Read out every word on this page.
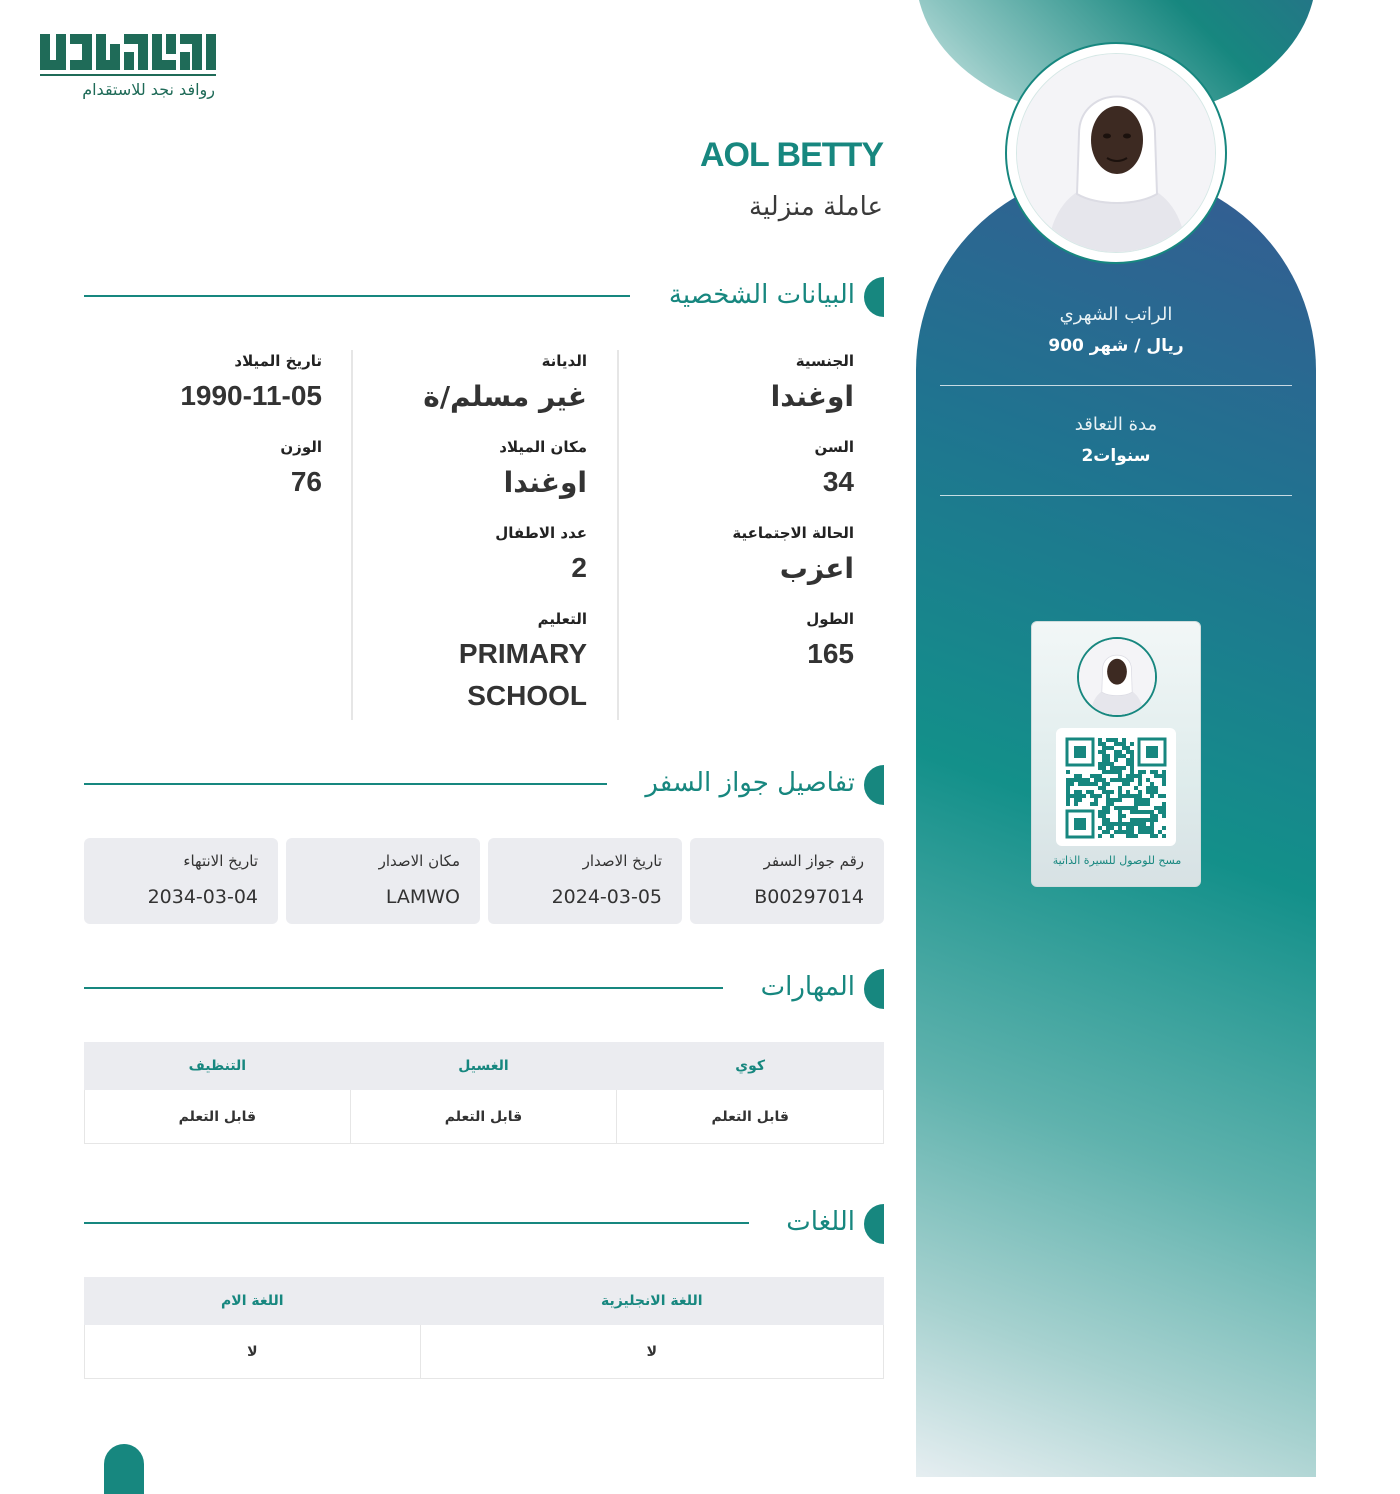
روافد نجد للاستقدام
AOL BETTY
عاملة منزلية
البيانات الشخصية
الجنسية
اوغندا
السن
34
الحالة الاجتماعية
اعزب
الطول
165
الديانة
غير مسلم/ة
مكان الميلاد
اوغندا
عدد الاطفال
2
التعليم
PRIMARY
SCHOOL
تاريخ الميلاد
1990-11-05
الوزن
76
تفاصيل جواز السفر
رقم جواز السفر
B00297014
تاريخ الاصدار
2024-03-05
مكان الاصدار
LAMWO
تاريخ الانتهاء
2034-03-04
المهارات
التنظيف	الغسيل	كوي
قابل التعلم	قابل التعلم	قابل التعلم
اللغات
اللغة الام	اللغة الانجليزية
لا	لا
الراتب الشهري
900 ريال / شهر
مدة التعاقد
2سنوات
مسح للوصول للسيرة الذاتية
